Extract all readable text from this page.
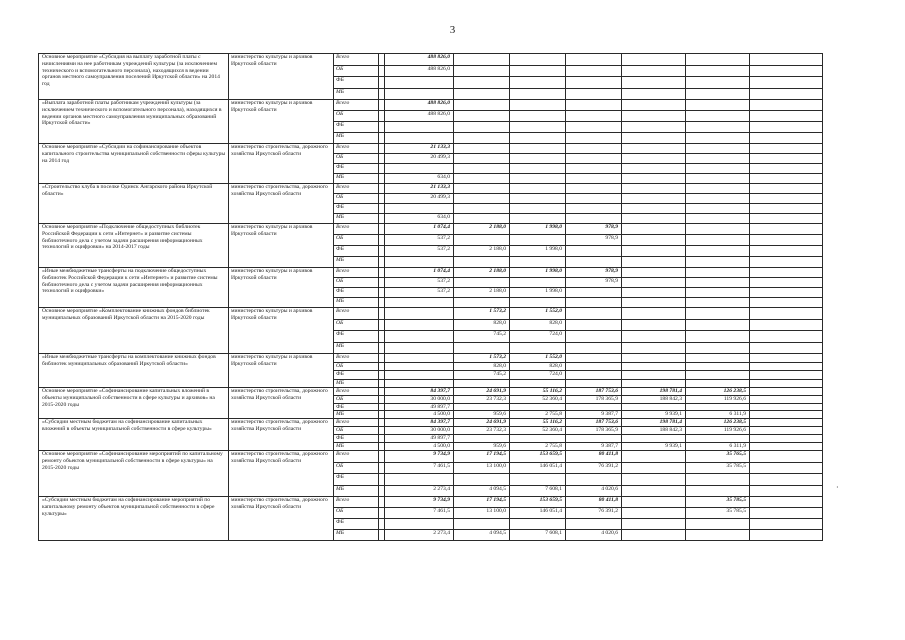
3
Основное мероприятие «Субсидия на выплату заработной платы с начислениями на нее работникам учреждений культуры (за исключением технического и вспомогательного персонала), находящихся в ведении органов местного самоуправления поселений Иркутской области» на 2014 год	министерство культуры и архивов Иркутской области	Всего		488 826,0						
		ОБ		488 826,0						
		ФБ								
		МБ								
«Выплата заработной платы работникам учреждений культуры (за исключением технического и вспомогательного персонала), находящихся в ведении органов местного самоуправления муниципальных образований Иркутской области»	министерство культуры и архивов Иркутской области	Всего		488 826,0						
		ОБ		488 826,0						
		ФБ								
		МБ								
Основное мероприятие «Субсидии на софинансирование объектов капитального строительства муниципальной собственности сферы культуры на 2014 год	министерство строительства, дорожного хозяйства Иркутской области	Всего		21 133,3						
		ОБ		20 499,3						
		ФБ								
		МБ		634,0						
«Строительство клуба в поселке Одинск Ангарского района Иркутской области»	министерство строительства, дорожного хозяйства Иркутской области	Всего		21 133,3						
		ОБ		20 499,3						
		ФБ								
		МБ		634,0						
Основное мероприятие «Подключение общедоступных библиотек Российской Федерации к сети «Интернет» и развитие системы библиотечного дела с учетом задачи расширения информационных технологий и оцифровки» на 2014-2017 годы	министерство культуры и архивов Иркутской области	Всего		1 074,4	2 188,0	1 998,0	978,9			
		ОБ		537,2			978,9			
		ФБ		537,2	2 188,0	1 998,0				
		МБ								
«Иные межбюджетные трансферты на подключение общедоступных библиотек Российской Федерации к сети «Интернет» и развитие системы библиотечного дела с учетом задачи расширения информационных технологий и оцифровки»	министерство культуры и архивов Иркутской области	Всего		1 074,4	2 188,0	1 998,0	978,9			
		ОБ		537,2			978,9			
		ФБ		537,2	2 188,0	1 998,0				
		МБ								
Основное мероприятие «Комплектование книжных фондов библиотек муниципальных образований Иркутской области на 2015-2020 годы	министерство культуры и архивов Иркутской области	Всего			1 573,2	1 552,0				
		ОБ			828,0	828,0				
		ФБ			745,2	724,0				
		МБ								
«Иные межбюджетные трансферты на комплектование книжных фондов библиотек муниципальных образований Иркутской области»	министерство культуры и архивов Иркутской области	Всего			1 573,2	1 552,0				
		ОБ			828,0	828,0				
		ФБ			745,2	724,0				
		МБ								
Основное мероприятие «Софинансирование капитальных вложений в объекты муниципальной собственности в сфере культуры и архивов» на 2015-2020 годы	министерство строительства, дорожного хозяйства Иркутской области	Всего		84 397,7	24 691,9	55 116,2	187 753,6	198 781,4	126 238,5	
		ОБ		30 000,0	23 732,3	52 360,4	178 365,9	188 842,3	119 926,6	
		ФБ		49 897,7						
		МБ		4 500,0	959,6	2 755,8	9 387,7	9 939,1	6 311,9	
«Субсидии местным бюджетам на софинансирование капитальных вложений в объекты муниципальной собственности в сфере культуры»	министерство строительства, дорожного хозяйства Иркутской области	Всего		84 397,7	24 691,9	55 116,2	187 753,6	198 781,4	126 238,5	
		ОБ		30 000,0	23 732,3	52 360,4	178 365,9	188 842,3	119 926,6	
		ФБ		49 897,7						
		МБ		4 500,0	959,6	2 755,8	9 387,7	9 939,1	6 311,9	
Основное мероприятие «Софинансирование мероприятий по капитальному ремонту объектов муниципальной собственности в сфере культуры» на 2015-2020 годы	министерство строительства, дорожного хозяйства Иркутской области	Всего		9 734,9	17 194,5	153 659,5	80 411,8		35 765,5	
		ОБ		7 461,5	13 100,0	146 051,4	76 391,2		35 785,5	
		ФБ								
		МБ		2 273,4	4 094,5	7 608,1	4 020,6			
«Субсидии местным бюджетам на софинансирование мероприятий по капитальному ремонту объектов муниципальной собственности в сфере культуры»	министерство строительства, дорожного хозяйства Иркутской области	Всего		9 734,9	17 194,5	153 659,5	80 411,8		35 785,5	
		ОБ		7 461,5	13 100,0	146 051,4	76 391,2		35 785,5	
		ФБ								
		МБ		2 273,4	4 094,5	7 608,1	4 020,6			
·
